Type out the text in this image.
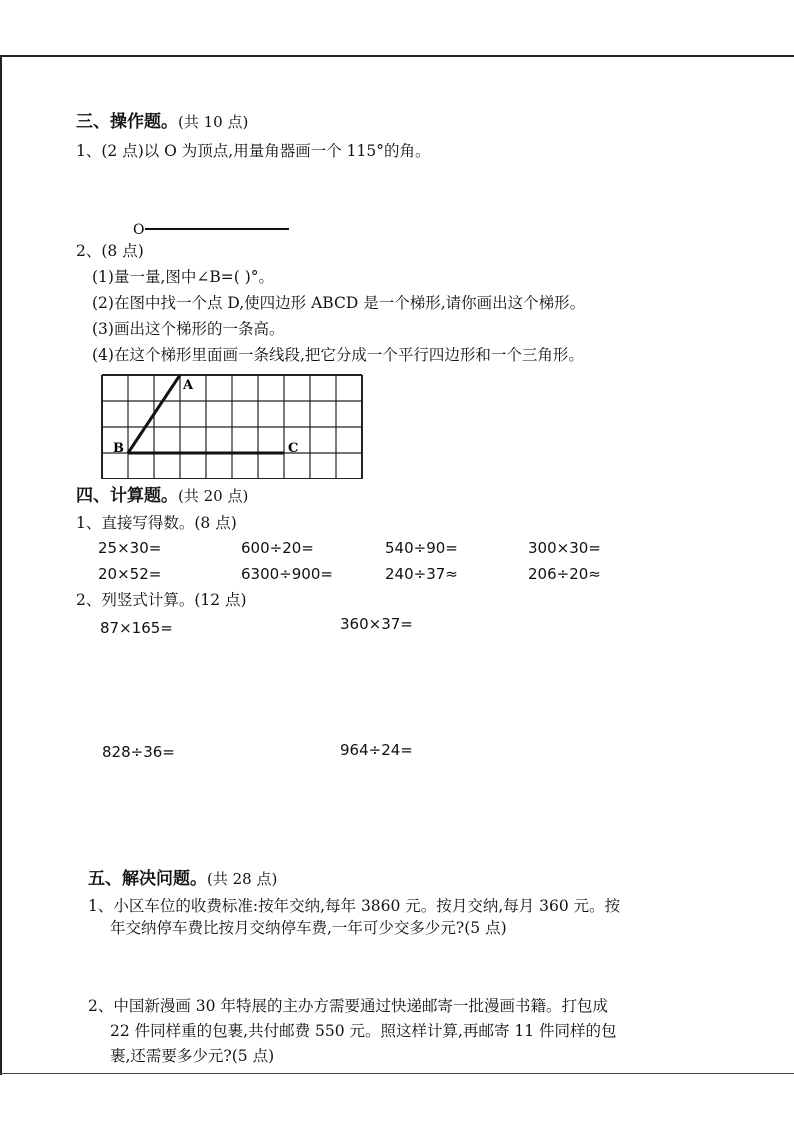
三、操作题。(共 10 点)
1、(2 点)以 O 为顶点,用量角器画一个 115°的角。
O
2、(8 点)
(1)量一量,图中∠B=( )°。
(2)在图中找一个点 D,使四边形 ABCD 是一个梯形,请你画出这个梯形。
(3)画出这个梯形的一条高。
(4)在这个梯形里面画一条线段,把它分成一个平行四边形和一个三角形。
A
B	C
四、计算题。(共 20 点)
1、直接写得数。(8 点)
25×30=	600÷20=	540÷90=	300×30=
20×52=	6300÷900=	240÷37≈	206÷20≈
2、列竖式计算。(12 点)
87×165=	360×37=
828÷36=	964÷24=
五、解决问题。(共 28 点)
1、小区车位的收费标准:按年交纳,每年 3860 元。按月交纳,每月 360 元。按
年交纳停车费比按月交纳停车费,一年可少交多少元?(5 点)
2、中国新漫画 30 年特展的主办方需要通过快递邮寄一批漫画书籍。打包成
22 件同样重的包裹,共付邮费 550 元。照这样计算,再邮寄 11 件同样的包
裹,还需要多少元?(5 点)
